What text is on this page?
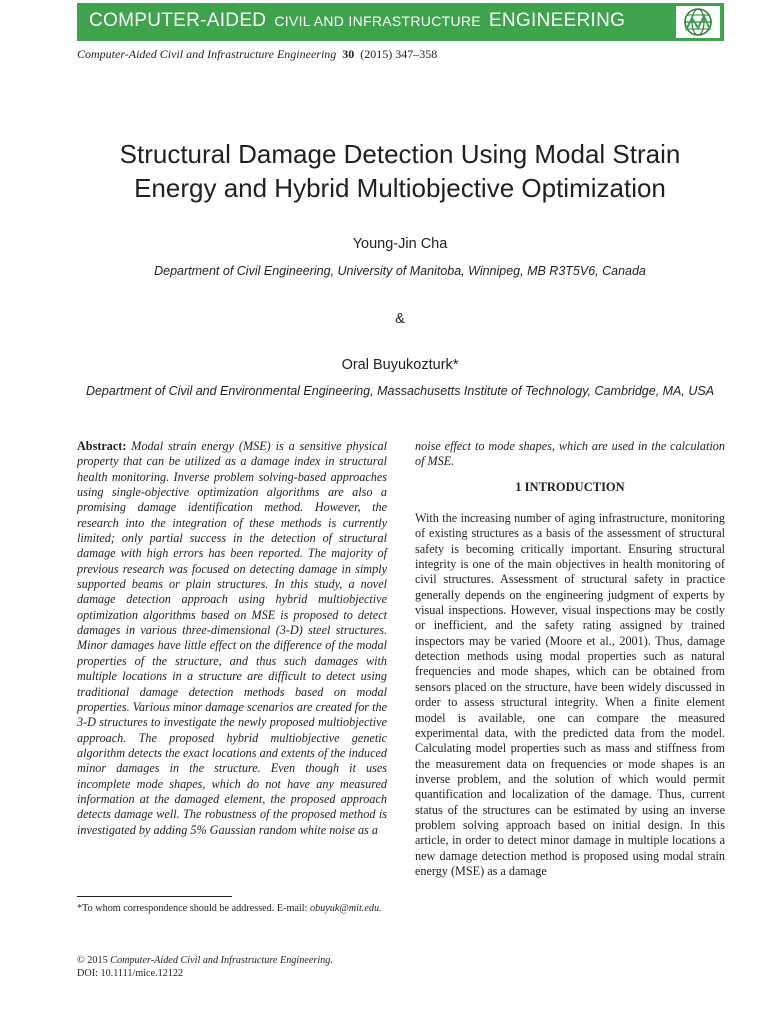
COMPUTER-AIDED CIVIL AND INFRASTRUCTURE ENGINEERING
Computer-Aided Civil and Infrastructure Engineering 30 (2015) 347–358
Structural Damage Detection Using Modal Strain
Energy and Hybrid Multiobjective Optimization
Young-Jin Cha
Department of Civil Engineering, University of Manitoba, Winnipeg, MB R3T5V6, Canada
&
Oral Buyukozturk*
Department of Civil and Environmental Engineering, Massachusetts Institute of Technology, Cambridge, MA, USA

Abstract: Modal strain energy (MSE) is a sensitive physical property that can be utilized as a damage index in structural health monitoring. Inverse problem solving-based approaches using single-objective optimization algorithms are also a promising damage identification method. However, the research into the integration of these methods is currently limited; only partial success in the detection of structural damage with high errors has been reported. The majority of previous research was focused on detecting damage in simply supported beams or plain structures. In this study, a novel damage detection approach using hybrid multiobjective optimization algorithms based on MSE is proposed to detect damages in various three-dimensional (3-D) steel structures. Minor damages have little effect on the difference of the modal properties of the structure, and thus such damages with multiple locations in a structure are difficult to detect using traditional damage detection methods based on modal properties. Various minor damage scenarios are created for the 3-D structures to investigate the newly proposed multiobjective approach. The proposed hybrid multiobjective genetic algorithm detects the exact locations and extents of the induced minor damages in the structure. Even though it uses incomplete mode shapes, which do not have any measured information at the damaged element, the proposed approach detects damage well. The robustness of the proposed method is investigated by adding 5% Gaussian random white noise as a

noise effect to mode shapes, which are used in the calculation of MSE.

1 INTRODUCTION

With the increasing number of aging infrastructure, monitoring of existing structures as a basis of the assessment of structural safety is becoming critically important. Ensuring structural integrity is one of the main objectives in health monitoring of civil structures. Assessment of structural safety in practice generally depends on the engineering judgment of experts by visual inspections. However, visual inspections may be costly or inefficient, and the safety rating assigned by trained inspectors may be varied (Moore et al., 2001). Thus, damage detection methods using modal properties such as natural frequencies and mode shapes, which can be obtained from sensors placed on the structure, have been widely discussed in order to assess structural integrity. When a finite element model is available, one can compare the measured experimental data, with the predicted data from the model. Calculating model properties such as mass and stiffness from the measurement data on frequencies or mode shapes is an inverse problem, and the solution of which would permit quantification and localization of the damage. Thus, current status of the structures can be estimated by using an inverse problem solving approach based on initial design. In this article, in order to detect minor damage in multiple locations a new damage detection method is proposed using modal strain energy (MSE) as a damage

*To whom correspondence should be addressed. E-mail: obuyuk@mit.edu.
© 2015 Computer-Aided Civil and Infrastructure Engineering.
DOI: 10.1111/mice.12122
